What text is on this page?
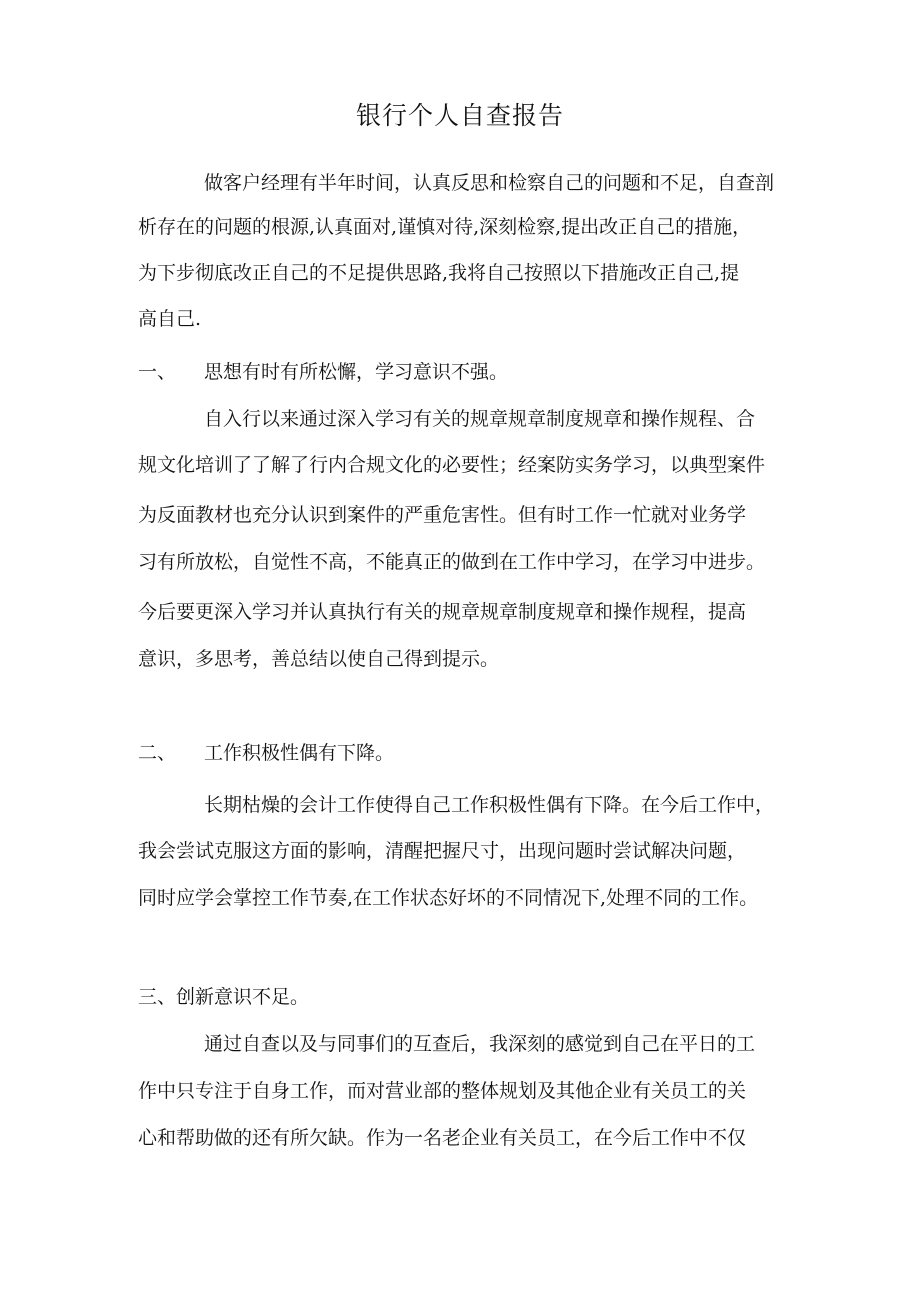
银行个人自查报告

做客户经理有半年时间，认真反思和检察自己的问题和不足，自查剖

析存在的问题的根源,认真面对,谨慎对待,深刻检察,提出改正自己的措施，

为下步彻底改正自己的不足提供思路,我将自己按照以下措施改正自己,提

高自己.

一、 思想有时有所松懈，学习意识不强。

自入行以来通过深入学习有关的规章规章制度规章和操作规程、合

规文化培训了了解了行内合规文化的必要性；经案防实务学习，以典型案件

为反面教材也充分认识到案件的严重危害性。但有时工作一忙就对业务学

习有所放松，自觉性不高，不能真正的做到在工作中学习，在学习中进步。

今后要更深入学习并认真执行有关的规章规章制度规章和操作规程，提高

意识，多思考，善总结以使自己得到提示。

二、 工作积极性偶有下降。

长期枯燥的会计工作使得自己工作积极性偶有下降。在今后工作中，

我会尝试克服这方面的影响，清醒把握尺寸，出现问题时尝试解决问题，

同时应学会掌控工作节奏,在工作状态好坏的不同情况下,处理不同的工作。

三、创新意识不足。

通过自查以及与同事们的互查后，我深刻的感觉到自己在平日的工

作中只专注于自身工作，而对营业部的整体规划及其他企业有关员工的关

心和帮助做的还有所欠缺。作为一名老企业有关员工，在今后工作中不仅
